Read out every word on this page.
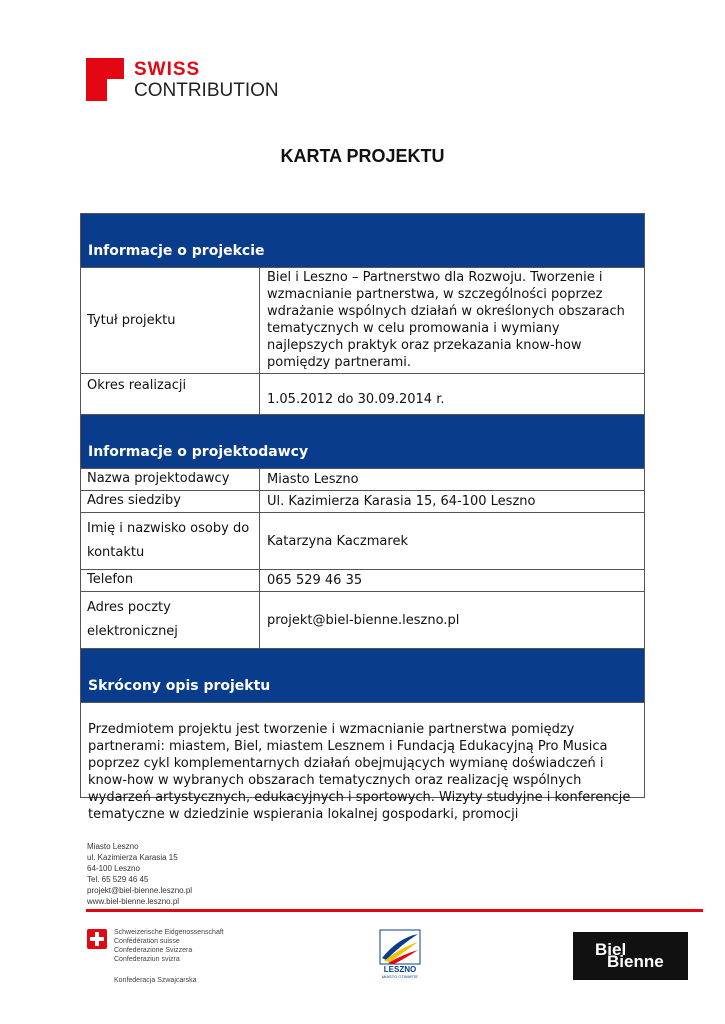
SWISS
CONTRIBUTION
KARTA PROJEKTU
Informacje o projekcie	
Tytuł projektu	Biel i Leszno – Partnerstwo dla Rozwoju. Tworzenie i wzmacnianie partnerstwa, w szczególności poprzez wdrażanie wspólnych działań w określonych obszarach tematycznych w celu promowania i wymiany najlepszych praktyk oraz przekazania know-how pomiędzy partnerami.
Okres realizacji	1.05.2012 do 30.09.2014 r.
Informacje o projektodawcy	
Nazwa projektodawcy	Miasto Leszno
Adres siedziby	Ul. Kazimierza Karasia 15, 64-100 Leszno
Imię i nazwisko osoby do kontaktu	Katarzyna Kaczmarek
Telefon	065 529 46 35
Adres poczty elektronicznej	projekt@biel-bienne.leszno.pl
Skrócony opis projektu	

Przedmiotem projektu jest tworzenie i wzmacnianie partnerstwa pomiędzy partnerami: miastem, Biel, miastem Lesznem i Fundacją Edukacyjną Pro Musica poprzez cykl komplementarnych działań obejmujących wymianę doświadczeń i know-how w wybranych obszarach tematycznych oraz realizację wspólnych wydarzeń artystycznych, edukacyjnych i sportowych. Wizyty studyjne i konferencje tematyczne w dziedzinie wspierania lokalnej gospodarki, promocji	
Miasto Leszno
ul. Kazimierza Karasia 15
64-100 Leszno
Tel. 65 529 46 45
projekt@biel-bienne.leszno.pl
www.biel-bienne.leszno.pl
Schweizerische Eidgenossenschaft
Confédération suisse
Confederazione Svizzera
Confederaziun svizra
Konfederacja Szwajcarska
LESZNO
MIASTO OTWARTE
Biel
Bienne
